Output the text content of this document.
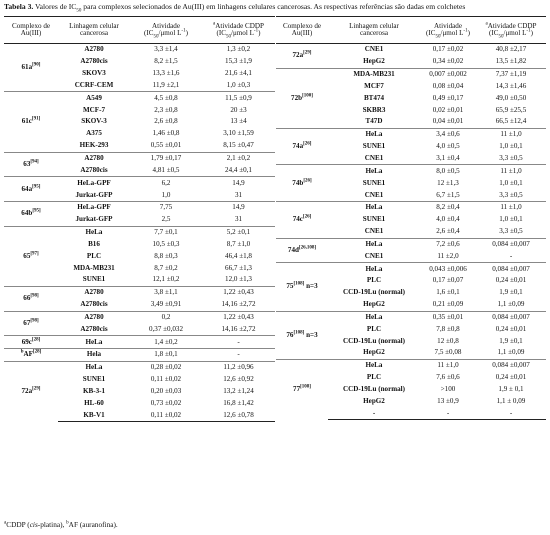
Tabela 3. Valores de $IC_{50}$ para complexos selecionados de Au(III) em linhagens celulares cancerosas. As respectivas referências são dadas em colchetes
Complexo de
Au(III)	Linhagem celular
cancerosa	Atividade
($IC_{50}$/μmol $L^{-1}$)	$^a$Atividade CDDP
($IC_{50}$/μmol $L^{-1}$)
61a[90]	A2780	3,3 ±1,4	1,3 ±0,2
	A2780cis	8,2 ±1,5	15,3 ±1,9
	SKOV3	13,3 ±1,6	21,6 ±4,1
	CCRF-CEM	11,9 ±2,1	1,0 ±0,3
61c[91]	A549	4,5 ±0,8	11,5 ±0,9
	MCF-7	2,3 ±0,8	20 ±3
	SKOV-3	2,6 ±0,8	13 ±4
	A375	1,46 ±0,8	3,10 ±1,59
	HEK-293	0,55 ±0,01	8,15 ±0,47
63[94]	A2780	1,79 ±0,17	2,1 ±0,2
	A2780cis	4,81 ±0,5	24,4 ±0,1
64a[95]	HeLa-GPF	6,2	14,9
	Jurkat-GFP	1,0	31
64b[95]	HeLa-GPF	7,75	14,9
	Jurkat-GFP	2,5	31
65[97]	HeLa	7,7 ±0,1	5,2 ±0,1
	B16	10,5 ±0,3	8,7 ±1,0
	PLC	8,8 ±0,3	46,4 ±1,8
	MDA-MB231	8,7 ±0,2	66,7 ±1,3
	SUNE1	12,1 ±0,2	12,0 ±1,3
66[98]	A2780	3,8 ±1,1	1,22 ±0,43
	A2780cis	3,49 ±0,91	14,16 ±2,72
67[98]	A2780	0,2	1,22 ±0,43
	A2780cis	0,37 ±0,032	14,16 ±2,72
69c[28]	HeLa	1,4 ±0,2	-
$^b$AF[28]	Hela	1,8 ±0,1	-
72a[29]	HeLa	0,28 ±0,02	11,2 ±0,96
	SUNE1	0,11 ±0,02	12,6 ±0,92
	KB-3-1	0,20 ±0,03	13,2 ±1,24
	HL-60	0,73 ±0,02	16,8 ±1,42
	KB-V1	0,11 ±0,02	12,6 ±0,78
Complexo de
Au(III)	Linhagem celular
cancerosa	Atividade
($IC_{50}$/μmol $L^{-1}$)	$^a$Atividade CDDP
($IC_{50}$/μmol $L^{-1}$)
72a[29]	CNE1	0,17 ±0,02	40,8 ±2,17
	HepG2	0,34 ±0,02	13,5 ±1,82
72b[100]	MDA-MB231	0,007 ±0,002	7,37 ±1,19
	MCF7	0,08 ±0,04	14,3 ±1,46
	BT474	0,49 ±0,17	49,0 ±0,50
	SKBR3	0,02 ±0,01	65,9 ±25,5
	T47D	0,04 ±0,01	66,5 ±12,4
74a[26]	HeLa	3,4 ±0,6	11 ±1,0
	SUNE1	4,0 ±0,5	1,0 ±0,1
	CNE1	3,1 ±0,4	3,3 ±0,5
74b[26]	HeLa	8,0 ±0,5	11 ±1,0
	SUNE1	12 ±1,3	1,0 ±0,1
	CNE1	6,7 ±1,5	3,3 ±0,5
74c[26]	HeLa	8,2 ±0,4	11 ±1,0
	SUNE1	4,0 ±0,4	1,0 ±0,1
	CNE1	2,6 ±0,4	3,3 ±0,5
74d[26,108]	HeLa	7,2 ±0,6	0,084 ±0,007
	CNE1	11 ±2,0	-
75[108] n=3	HeLa	0,043 ±0,006	0,084 ±0,007
	PLC	0,17 ±0,07	0,24 ±0,01
	CCD-19Lu (normal)	1,6 ±0,1	1,9 ±0,1
	HepG2	0,21 ±0,09	1,1 ±0,09
76[108] n=3	HeLa	0,35 ±0,01	0,084 ±0,007
	PLC	7,8 ±0,8	0,24 ±0,01
	CCD-19Lu (normal)	12 ±0,8	1,9 ±0,1
	HepG2	7,5 ±0,08	1,1 ±0,09
77[108]	HeLa	11 ±1,0	0,084 ±0,007
	PLC	7,6 ±0,6	0,24 ±0,01
	CCD-19Lu (normal)	>100	1,9 ± 0,1
	HepG2	13 ±0,9	1,1 ± 0,09
	-	-	-
$^a$CDDP (cis-platina), $^b$AF (auranofina).
